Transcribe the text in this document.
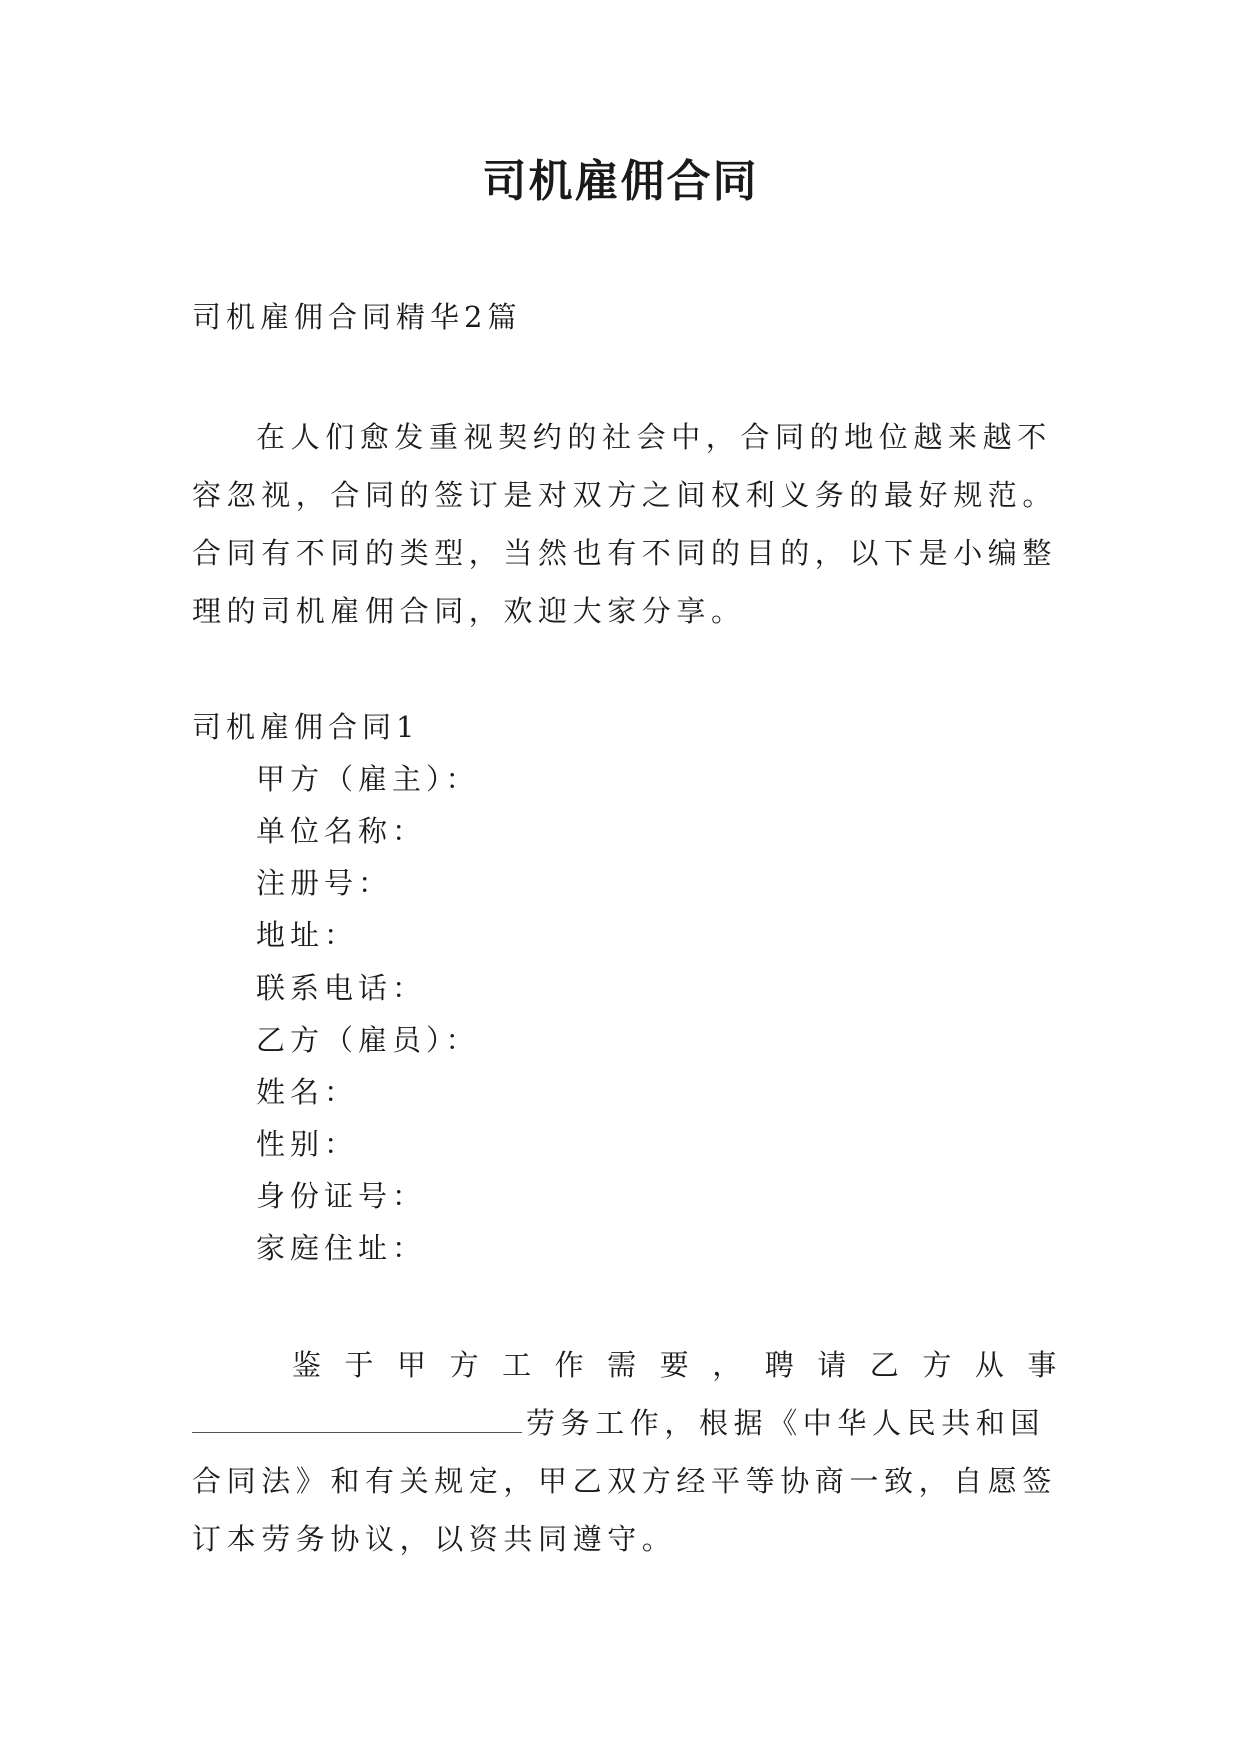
司机雇佣合同
司机雇佣合同精华2篇
在人们愈发重视契约的社会中，合同的地位越来越不容忽视，合同的签订是对双方之间权利义务的最好规范。合同有不同的类型，当然也有不同的目的，以下是小编整理的司机雇佣合同，欢迎大家分享。
司机雇佣合同1
甲方（雇主）：
单位名称：
注册号：
地址：
联系电话：
乙方（雇员）：
姓名：
性别：
身份证号：
家庭住址：
鉴于甲方工作需要，聘请乙方从事
劳务工作，根据《中华人民共和国合同法》和有关规定，甲乙双方经平等协商一致，自愿签订本劳务协议，以资共同遵守。
